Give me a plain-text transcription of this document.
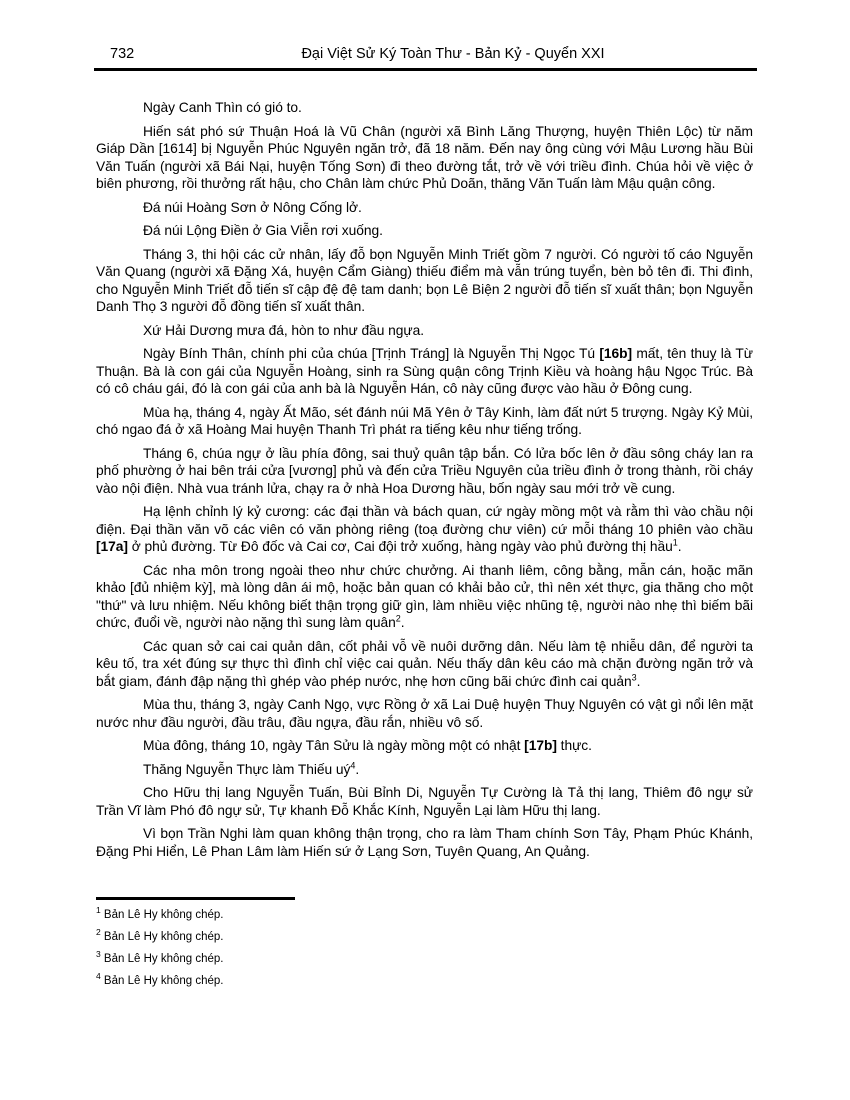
732	Đại Việt Sử Ký Toàn Thư - Bản Kỷ - Quyển XXI

Ngày Canh Thìn có gió to.

Hiến sát phó sứ Thuận Hoá là Vũ Chân (người xã Bình Lăng Thượng, huyện Thiên Lộc) từ năm Giáp Dần [1614] bị Nguyễn Phúc Nguyên ngăn trở, đã 18 năm. Đến nay ông cùng với Mậu Lương hầu Bùi Văn Tuấn (người xã Bái Nại, huyện Tống Sơn) đi theo đường tắt, trở về với triều đình. Chúa hỏi về việc ở biên phương, rồi thưởng rất hậu, cho Chân làm chức Phủ Doãn, thăng Văn Tuấn làm Mậu quận công.

Đá núi Hoàng Sơn ở Nông Cống lở.

Đá núi Lộng Điền ở Gia Viễn rơi xuống.

Tháng 3, thi hội các cử nhân, lấy đỗ bọn Nguyễn Minh Triết gồm 7 người. Có người tố cáo Nguyễn Văn Quang (người xã Đặng Xá, huyện Cẩm Giàng) thiếu điểm mà vẫn trúng tuyển, bèn bỏ tên đi. Thi đình, cho Nguyễn Minh Triết đỗ tiến sĩ cập đệ đệ tam danh; bọn Lê Biện 2 người đỗ tiến sĩ xuất thân; bọn Nguyễn Danh Thọ 3 người đỗ đồng tiến sĩ xuất thân.

Xứ Hải Dương mưa đá, hòn to như đầu ngựa.

Ngày Bính Thân, chính phi của chúa [Trịnh Tráng] là Nguyễn Thị Ngọc Tú [16b] mất, tên thuỵ là Từ Thuận. Bà là con gái của Nguyễn Hoàng, sinh ra Sùng quận công Trịnh Kiều và hoàng hậu Ngọc Trúc. Bà có cô cháu gái, đó là con gái của anh bà là Nguyễn Hán, cô này cũng được vào hầu ở Đông cung.

Mùa hạ, tháng 4, ngày Ất Mão, sét đánh núi Mã Yên ở Tây Kinh, làm đất nứt 5 trượng. Ngày Kỷ Mùi, chó ngao đá ở xã Hoàng Mai huyện Thanh Trì phát ra tiếng kêu như tiếng trống.

Tháng 6, chúa ngự ở lầu phía đông, sai thuỷ quân tập bắn. Có lửa bốc lên ở đầu sông cháy lan ra phố phường ở hai bên trái cửa [vương] phủ và đến cửa Triều Nguyên của triều đình ở trong thành, rồi cháy vào nội điện. Nhà vua tránh lửa, chạy ra ở nhà Hoa Dương hầu, bốn ngày sau mới trở về cung.

Hạ lệnh chỉnh lý kỷ cương: các đại thần và bách quan, cứ ngày mồng một và rằm thì vào chầu nội điện. Đại thần văn võ các viên có văn phòng riêng (toạ đường chư viên) cứ mỗi tháng 10 phiên vào chầu [17a] ở phủ đường. Từ Đô đốc và Cai cơ, Cai đội trở xuống, hàng ngày vào phủ đường thị hầu$^1$.

Các nha môn trong ngoài theo như chức chưởng. Ai thanh liêm, công bằng, mẫn cán, hoặc mãn khảo [đủ nhiệm kỳ], mà lòng dân ái mộ, hoặc bản quan có khải bảo cử, thì nên xét thực, gia thăng cho một "thứ" và lưu nhiệm. Nếu không biết thận trọng giữ gìn, làm nhiều việc nhũng tệ, người nào nhẹ thì biếm bãi chức, đuổi về, người nào nặng thì sung làm quân$^2$.

Các quan sở cai cai quản dân, cốt phải vỗ về nuôi dưỡng dân. Nếu làm tệ nhiễu dân, để người ta kêu tố, tra xét đúng sự thực thì đình chỉ việc cai quản. Nếu thấy dân kêu cáo mà chặn đường ngăn trở và bắt giam, đánh đập nặng thì ghép vào phép nước, nhẹ hơn cũng bãi chức đình cai quản$^3$.

Mùa thu, tháng 3, ngày Canh Ngọ, vực Rồng ở xã Lai Duệ huyện Thuỵ Nguyên có vật gì nổi lên mặt nước như đầu người, đầu trâu, đầu ngựa, đầu rắn, nhiều vô số.

Mùa đông, tháng 10, ngày Tân Sửu là ngày mồng một có nhật [17b] thực.

Thăng Nguyễn Thực làm Thiếu $uý^4$.

Cho Hữu thị lang Nguyễn Tuấn, Bùi Bỉnh Di, Nguyễn Tự Cường là Tả thị lang, Thiêm đô ngự sử Trần Vĩ làm Phó đô ngự sử, Tự khanh Đỗ Khắc Kính, Nguyễn Lại làm Hữu thị lang.

Vì bọn Trần Nghi làm quan không thận trọng, cho ra làm Tham chính Sơn Tây, Phạm Phúc Khánh, Đặng Phi Hiển, Lê Phan Lâm làm Hiến sứ ở Lạng Sơn, Tuyên Quang, An Quảng.

$^1$ Bản Lê Hy không chép.

$^2$ Bản Lê Hy không chép.

$^3$ Bản Lê Hy không chép.

$^4$ Bản Lê Hy không chép.
